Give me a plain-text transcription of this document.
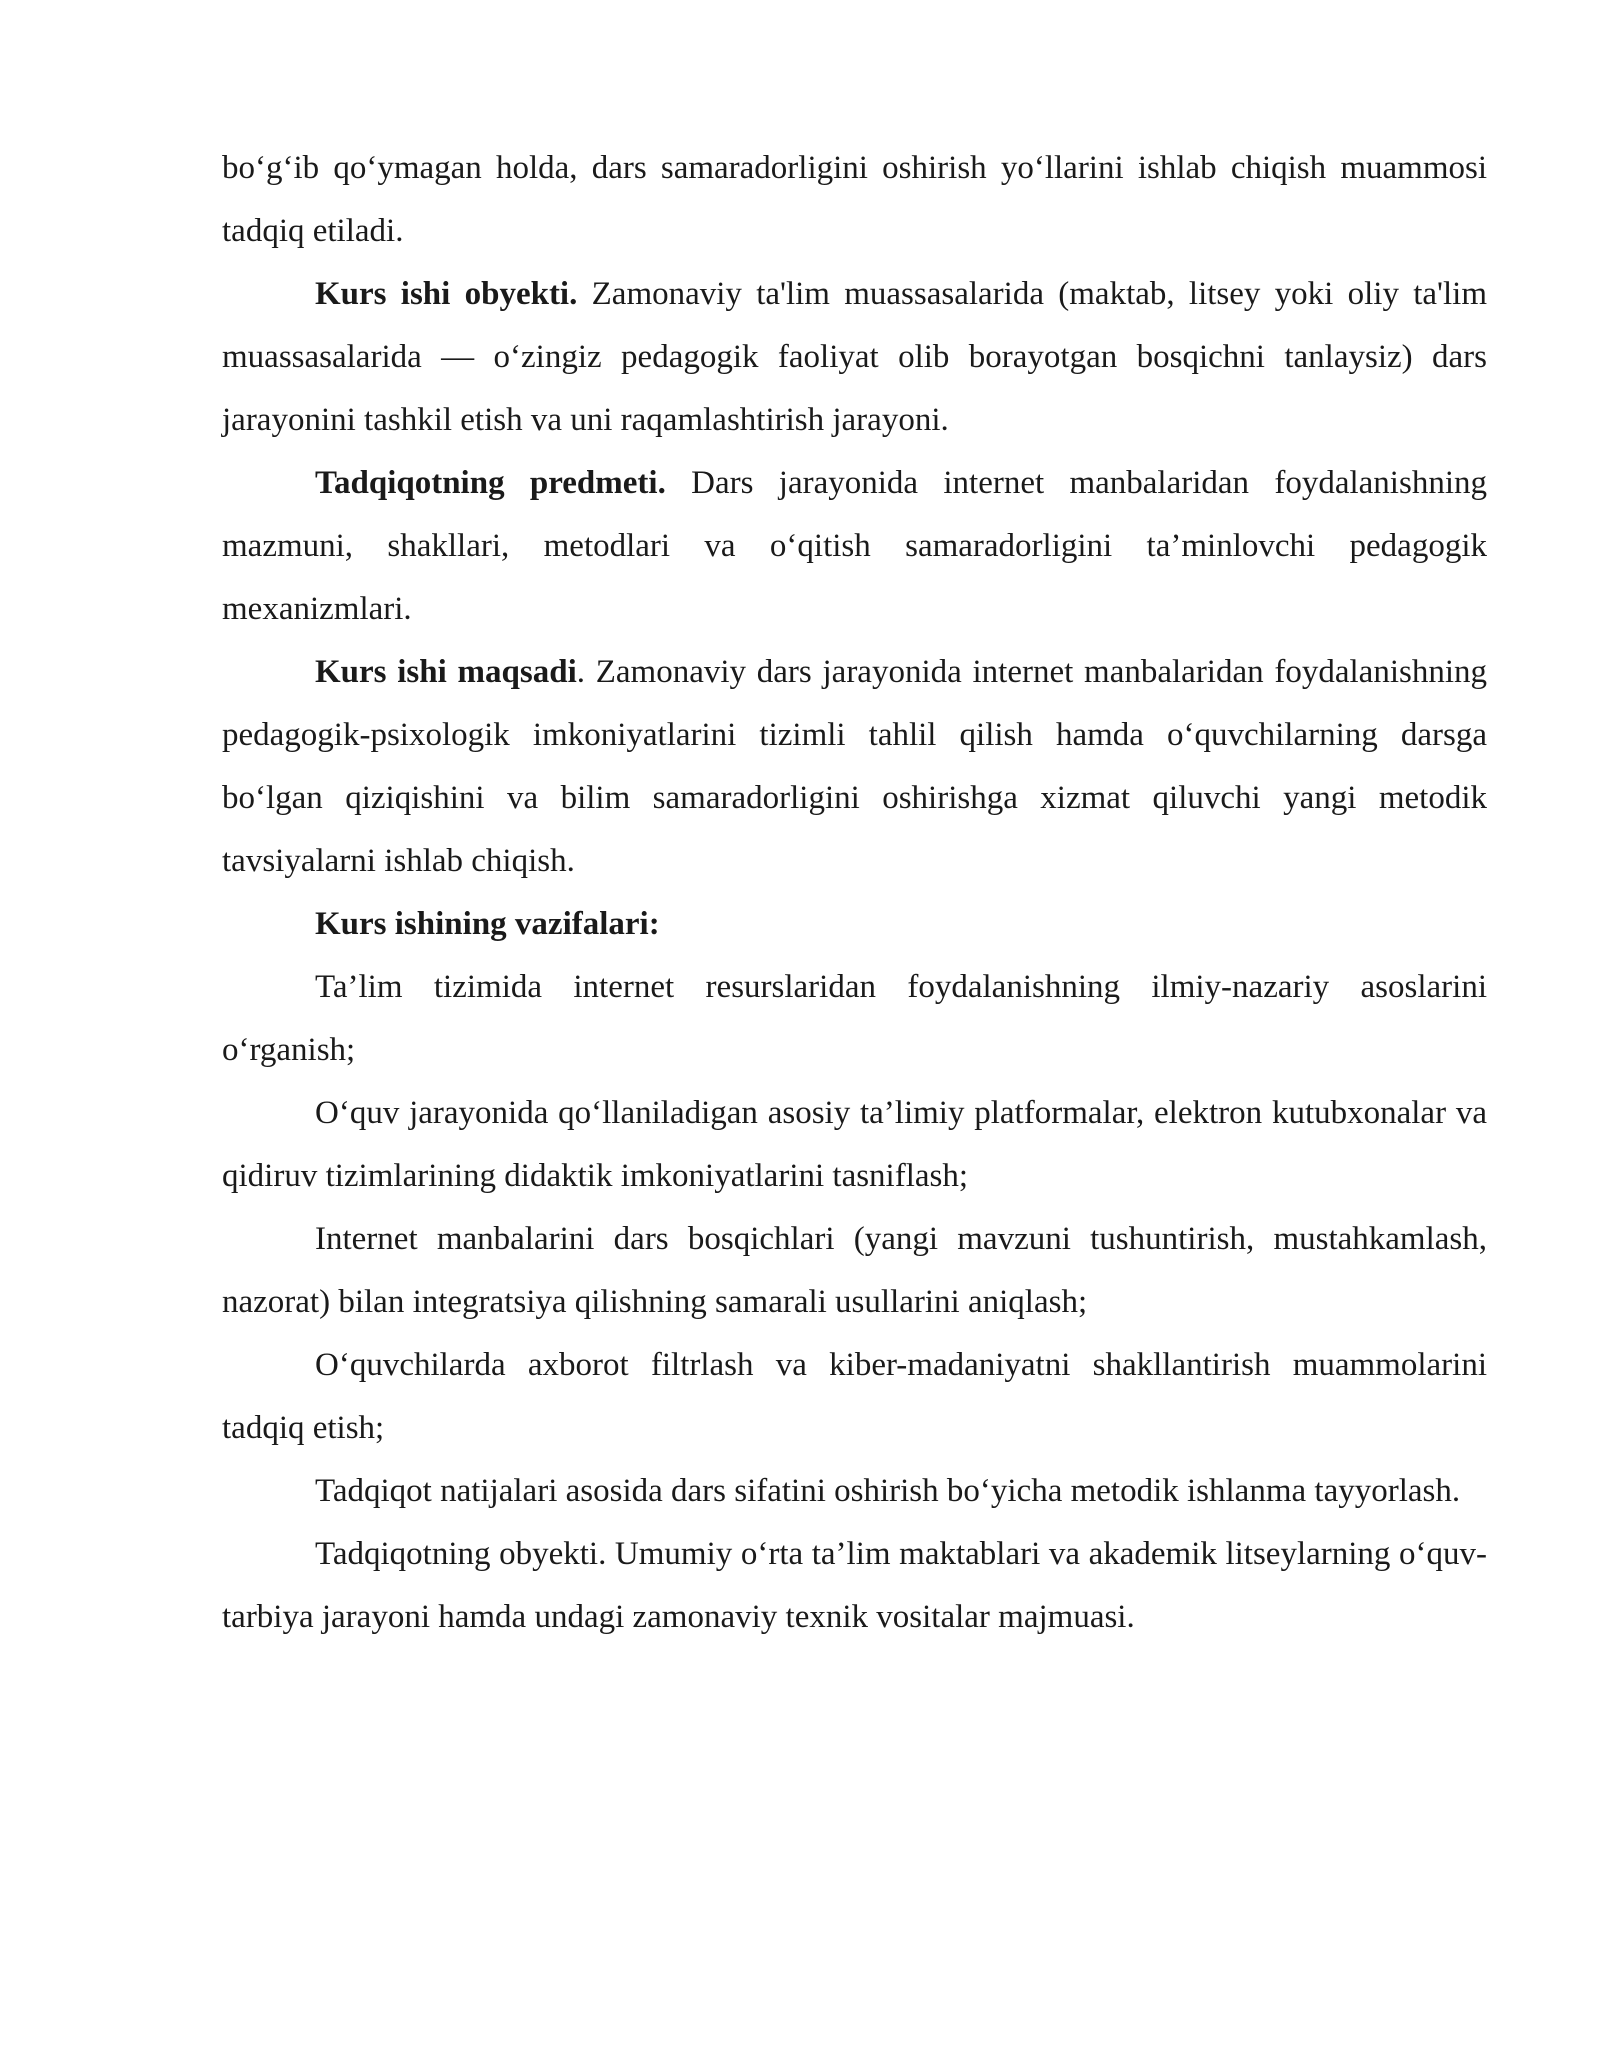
bo‘g‘ib qo‘ymagan holda, dars samaradorligini oshirish yo‘llarini ishlab chiqish muammosi tadqiq etiladi.

Kurs ishi obyekti. Zamonaviy ta'lim muassasalarida (maktab, litsey yoki oliy ta'lim muassasalarida — o‘zingiz pedagogik faoliyat olib borayotgan bosqichni tanlaysiz) dars jarayonini tashkil etish va uni raqamlashtirish jarayoni.

Tadqiqotning predmeti. Dars jarayonida internet manbalaridan foydalanishning mazmuni, shakllari, metodlari va o‘qitish samaradorligini ta’minlovchi pedagogik mexanizmlari.

Kurs ishi maqsadi. Zamonaviy dars jarayonida internet manbalaridan foydalanishning pedagogik-psixologik imkoniyatlarini tizimli tahlil qilish hamda o‘quvchilarning darsga bo‘lgan qiziqishini va bilim samaradorligini oshirishga xizmat qiluvchi yangi metodik tavsiyalarni ishlab chiqish.

Kurs ishining vazifalari:

Ta’lim tizimida internet resurslaridan foydalanishning ilmiy-nazariy asoslarini o‘rganish;

O‘quv jarayonida qo‘llaniladigan asosiy ta’limiy platformalar, elektron kutubxonalar va qidiruv tizimlarining didaktik imkoniyatlarini tasniflash;

Internet manbalarini dars bosqichlari (yangi mavzuni tushuntirish, mustahkamlash, nazorat) bilan integratsiya qilishning samarali usullarini aniqlash;

O‘quvchilarda axborot filtrlash va kiber-madaniyatni shakllantirish muammolarini tadqiq etish;

Tadqiqot natijalari asosida dars sifatini oshirish bo‘yicha metodik ishlanma tayyorlash.

Tadqiqotning obyekti. Umumiy o‘rta ta’lim maktablari va akademik litseylarning o‘quv-tarbiya jarayoni hamda undagi zamonaviy texnik vositalar majmuasi.
